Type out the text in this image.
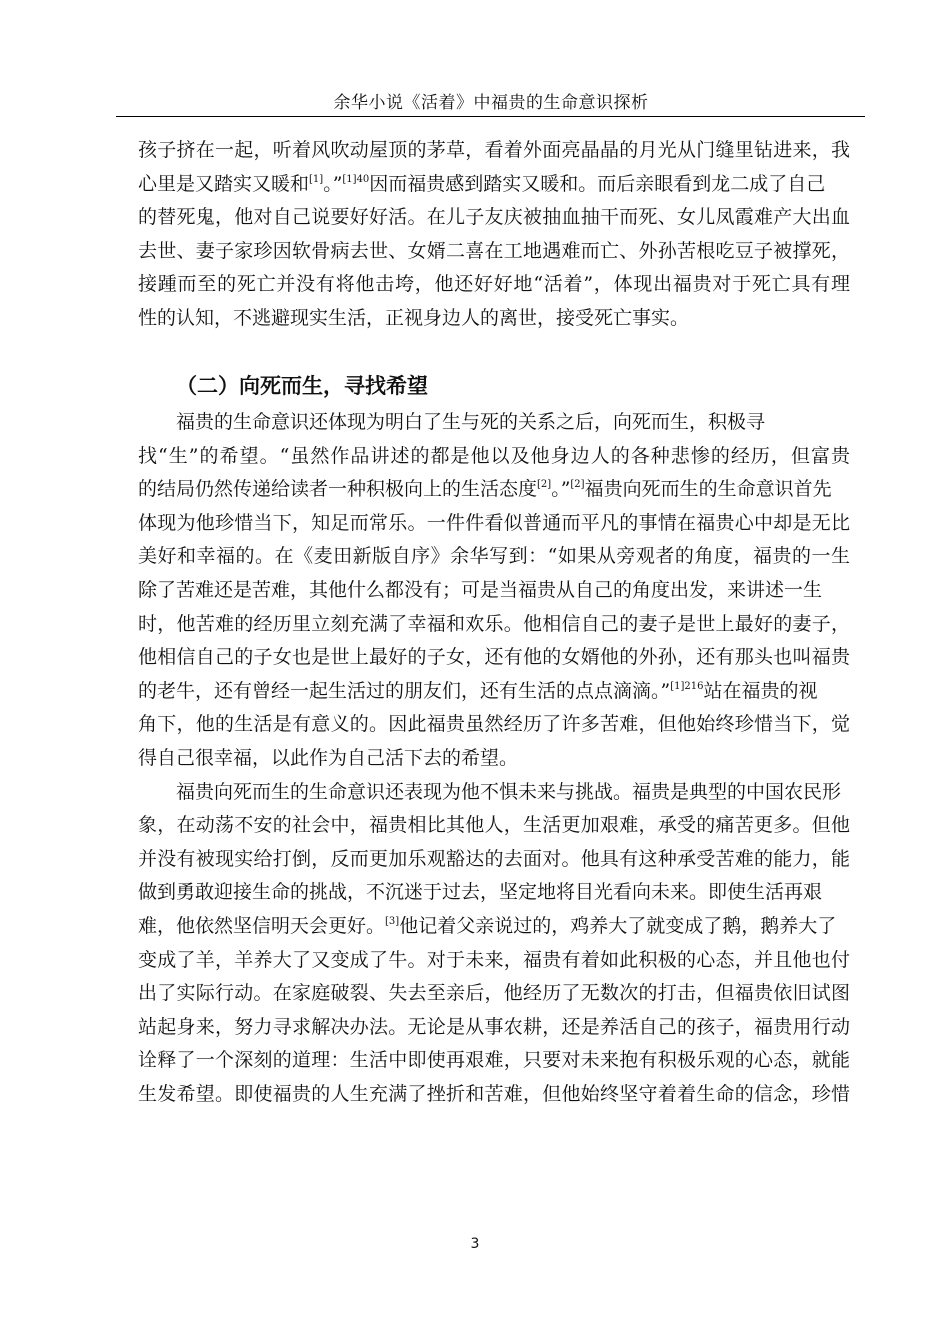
余华小说《活着》中福贵的生命意识探析
孩子挤在一起，听着风吹动屋顶的茅草，看着外面亮晶晶的月光从门缝里钻进来，我
心里是又踏实又暖和[1]。”$^{[1]40}$因而福贵感到踏实又暖和。而后亲眼看到龙二成了自己
的替死鬼，他对自己说要好好活。在儿子友庆被抽血抽干而死、女儿凤霞难产大出血
去世、妻子家珍因软骨病去世、女婿二喜在工地遇难而亡、外孙苦根吃豆子被撑死，
接踵而至的死亡并没有将他击垮，他还好好地“活着”，体现出福贵对于死亡具有理
性的认知，不逃避现实生活，正视身边人的离世，接受死亡事实。
（二）向死而生，寻找希望
福贵的生命意识还体现为明白了生与死的关系之后，向死而生，积极寻
找“生”的希望。“虽然作品讲述的都是他以及他身边人的各种悲惨的经历，但富贵
的结局仍然传递给读者一种积极向上的生活态度[2]。”[2]福贵向死而生的生命意识首先
体现为他珍惜当下，知足而常乐。一件件看似普通而平凡的事情在福贵心中却是无比
美好和幸福的。在《麦田新版自序》余华写到：“如果从旁观者的角度，福贵的一生
除了苦难还是苦难，其他什么都没有；可是当福贵从自己的角度出发，来讲述一生
时，他苦难的经历里立刻充满了幸福和欢乐。他相信自己的妻子是世上最好的妻子，
他相信自己的子女也是世上最好的子女，还有他的女婿他的外孙，还有那头也叫福贵
的老牛，还有曾经一起生活过的朋友们，还有生活的点点滴滴。”$^{[1]216}$站在福贵的视
角下，他的生活是有意义的。因此福贵虽然经历了许多苦难，但他始终珍惜当下，觉
得自己很幸福，以此作为自己活下去的希望。
福贵向死而生的生命意识还表现为他不惧未来与挑战。福贵是典型的中国农民形
象，在动荡不安的社会中，福贵相比其他人，生活更加艰难，承受的痛苦更多。但他
并没有被现实给打倒，反而更加乐观豁达的去面对。他具有这种承受苦难的能力，能
做到勇敢迎接生命的挑战，不沉迷于过去，坚定地将目光看向未来。即使生活再艰
难，他依然坚信明天会更好。[3]他记着父亲说过的，鸡养大了就变成了鹅，鹅养大了
变成了羊，羊养大了又变成了牛。对于未来，福贵有着如此积极的心态，并且他也付
出了实际行动。在家庭破裂、失去至亲后，他经历了无数次的打击，但福贵依旧试图
站起身来，努力寻求解决办法。无论是从事农耕，还是养活自己的孩子，福贵用行动
诠释了一个深刻的道理：生活中即使再艰难，只要对未来抱有积极乐观的心态，就能
生发希望。即使福贵的人生充满了挫折和苦难，但他始终坚守着着生命的信念，珍惜
3
